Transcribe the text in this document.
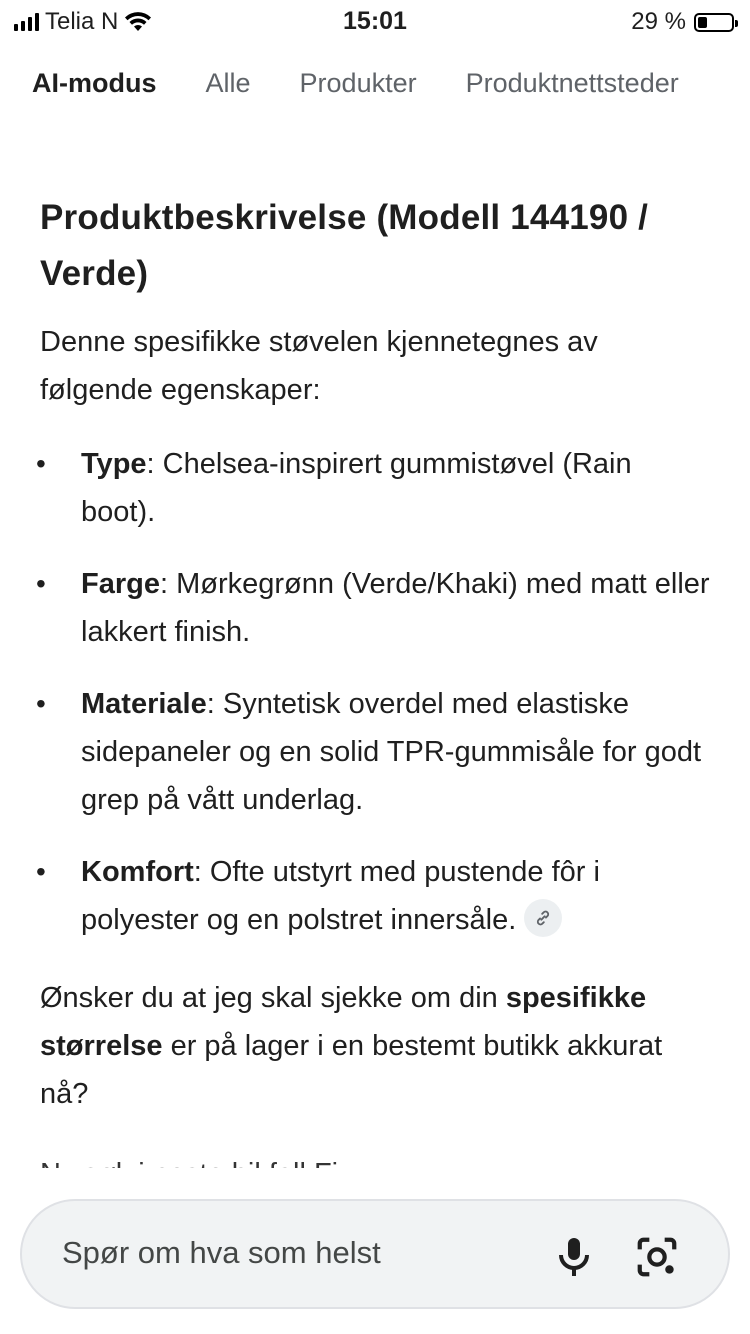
Telia N	15:01	29 %
AI-modus Alle Produkter Produktnettsteder
Produktbeskrivelse (Modell 144190 / Verde)

Denne spesifikke støvelen kjennetegnes av følgende egenskaper:

• Type: Chelsea-inspirert gummistøvel (Rain boot).
• Farge: Mørkegrønn (Verde/Khaki) med matt eller lakkert finish.
• Materiale: Syntetisk overdel med elastiske sidepaneler og en solid TPR-gummisåle for godt grep på vått underlag.
• Komfort: Ofte utstyrt med pustende fôr i polyester og en polstret innersåle.

Ønsker du at jeg skal sjekke om din spesifikke størrelse er på lager i en bestemt butikk akkurat nå?

Spør om hva som helst
